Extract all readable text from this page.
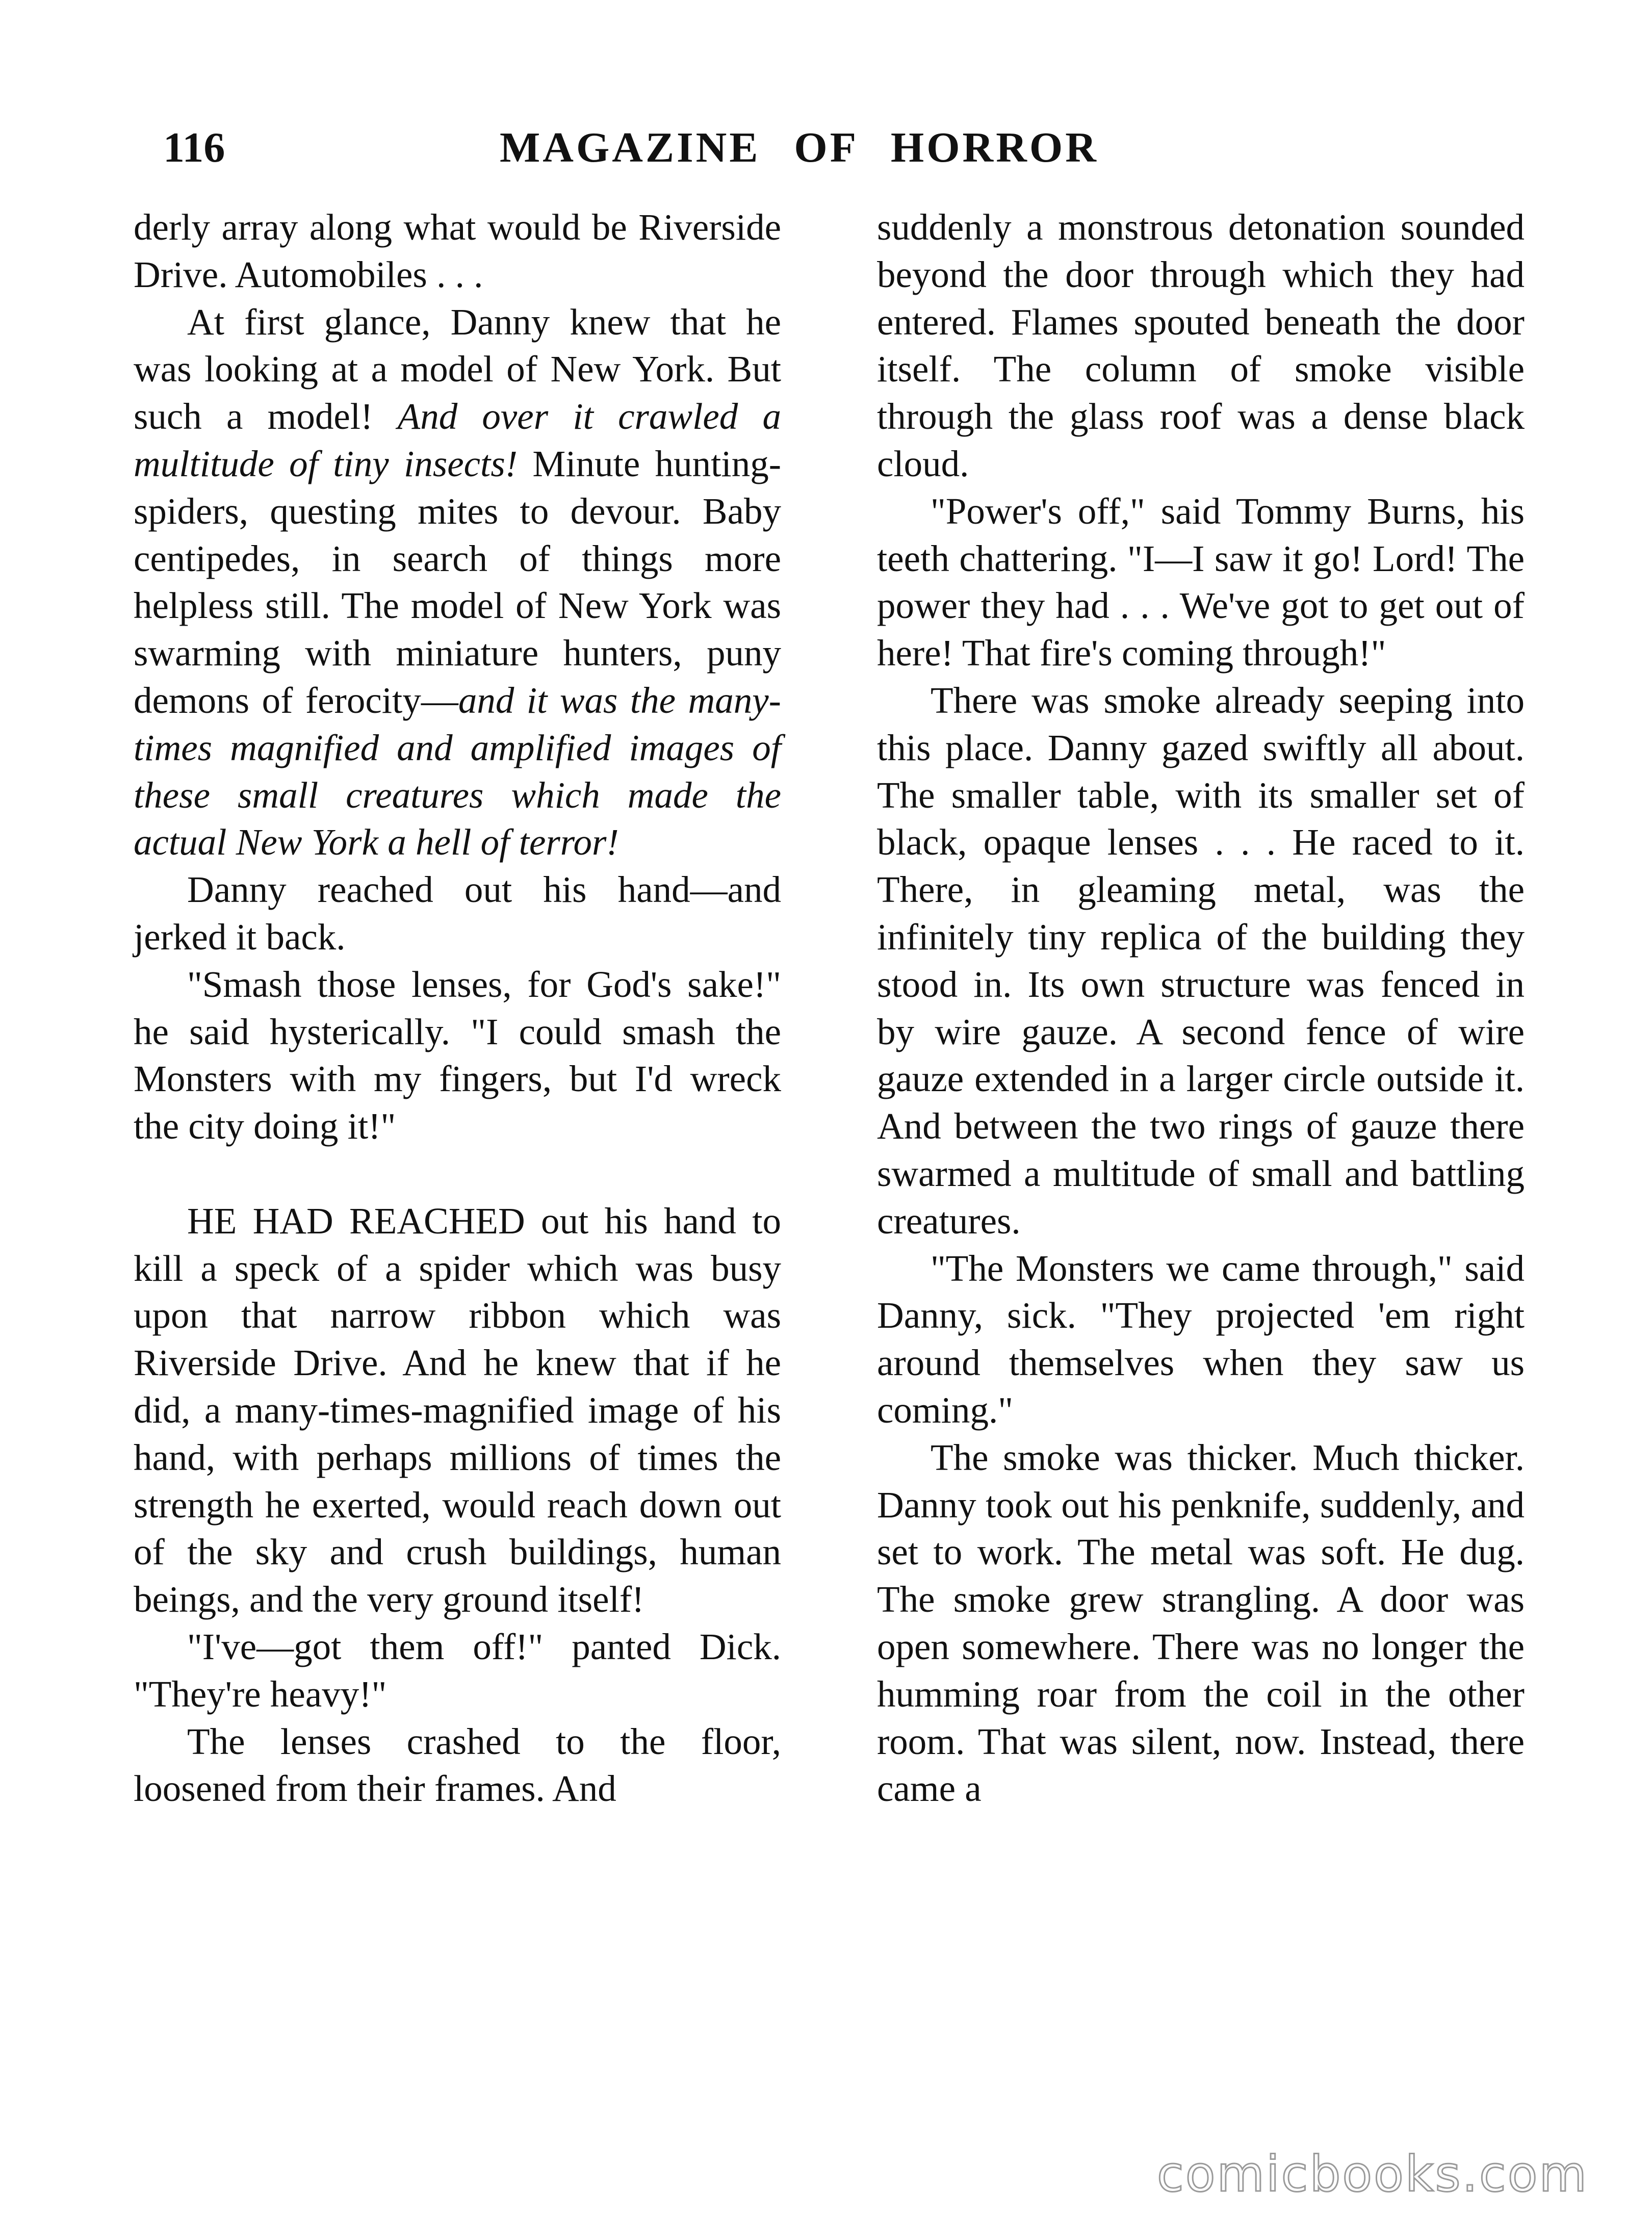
116	MAGAZINE OF HORROR

derly array along what would be Riverside Drive. Automobiles . . .

At first glance, Danny knew that he was looking at a model of New York. But such a model! And over it crawled a multitude of tiny insects! Minute hunting-spiders, questing mites to devour. Baby centipedes, in search of things more helpless still. The model of New York was swarming with miniature hunters, puny demons of ferocity—and it was the many-times magnified and amplified images of these small creatures which made the actual New York a hell of terror!

Danny reached out his hand—and jerked it back.

"Smash those lenses, for God's sake!" he said hysterically. "I could smash the Monsters with my fingers, but I'd wreck the city doing it!"

HE HAD REACHED out his hand to kill a speck of a spider which was busy upon that narrow ribbon which was Riverside Drive. And he knew that if he did, a many-times-magnified image of his hand, with perhaps millions of times the strength he exerted, would reach down out of the sky and crush buildings, human beings, and the very ground itself!

"I've—got them off!" panted Dick. "They're heavy!"

The lenses crashed to the floor, loosened from their frames. And

suddenly a monstrous detonation sounded beyond the door through which they had entered. Flames spouted beneath the door itself. The column of smoke visible through the glass roof was a dense black cloud.

"Power's off," said Tommy Burns, his teeth chattering. "I—I saw it go! Lord! The power they had . . . We've got to get out of here! That fire's coming through!"

There was smoke already seeping into this place. Danny gazed swiftly all about. The smaller table, with its smaller set of black, opaque lenses . . . He raced to it. There, in gleaming metal, was the infinitely tiny replica of the building they stood in. Its own structure was fenced in by wire gauze. A second fence of wire gauze extended in a larger circle outside it. And between the two rings of gauze there swarmed a multitude of small and battling creatures.

"The Monsters we came through," said Danny, sick. "They projected 'em right around themselves when they saw us coming."

The smoke was thicker. Much thicker. Danny took out his penknife, suddenly, and set to work. The metal was soft. He dug. The smoke grew strangling. A door was open somewhere. There was no longer the humming roar from the coil in the other room. That was silent, now. Instead, there came a

comicbooks.com
